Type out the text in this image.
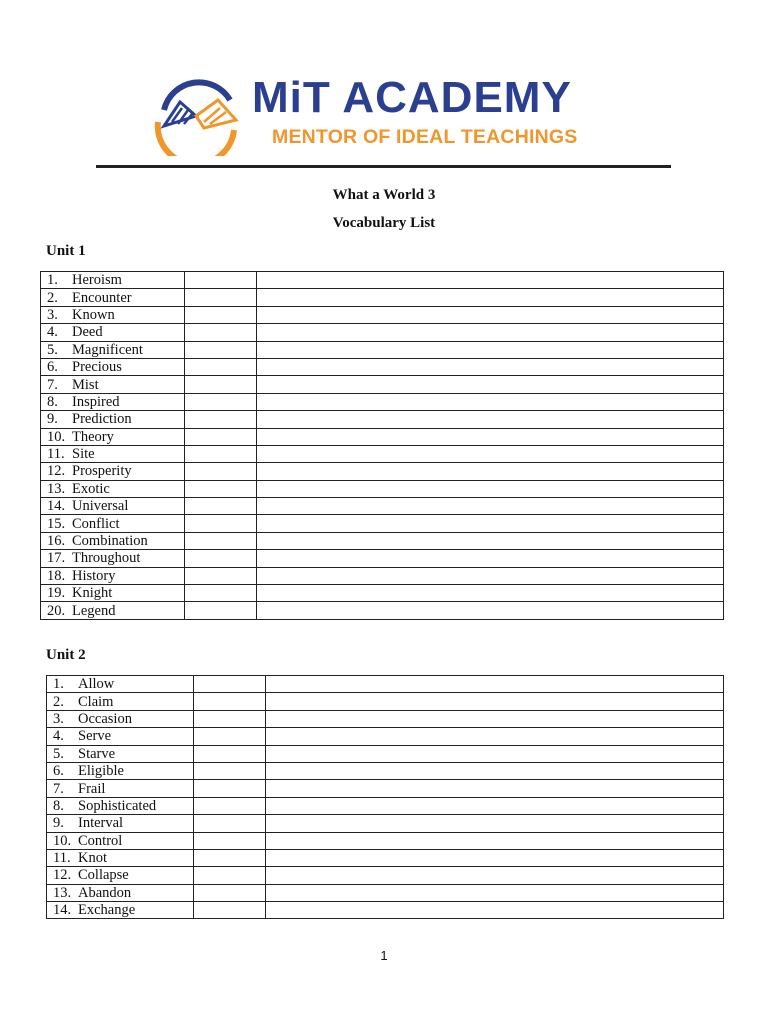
MiT ACADEMY
MENTOR OF IDEAL TEACHINGS
What a World 3
Vocabulary List
Unit 1
1. Heroism		
2. Encounter		
3. Known		
4. Deed		
5. Magnificent		
6. Precious		
7. Mist		
8. Inspired		
9. Prediction		
10. Theory		
11. Site		
12. Prosperity		
13. Exotic		
14. Universal		
15. Conflict		
16. Combination		
17. Throughout		
18. History		
19. Knight		
20. Legend		
Unit 2
1. Allow		
2. Claim		
3. Occasion		
4. Serve		
5. Starve		
6. Eligible		
7. Frail		
8. Sophisticated		
9. Interval		
10. Control		
11. Knot		
12. Collapse		
13. Abandon		
14. Exchange		
1
